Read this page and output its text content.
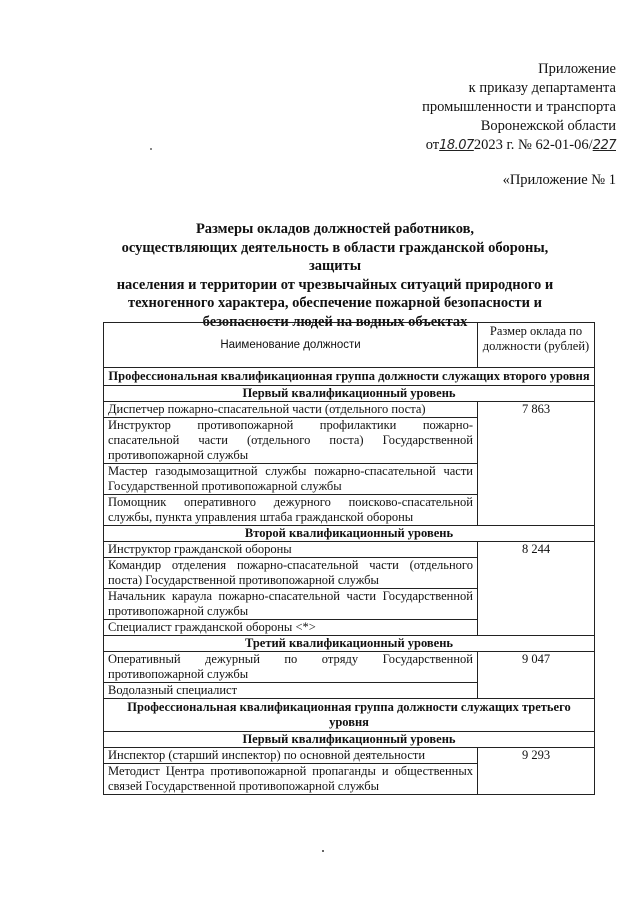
Приложение
к приказу департамента
промышленности и транспорта
Воронежской области
от18.072023 г. № 62-01-06/227
«Приложение № 1
Размеры окладов должностей работников,
осуществляющих деятельность в области гражданской обороны, защиты
населения и территории от чрезвычайных ситуаций природного и
техногенного характера, обеспечение пожарной безопасности и
безопасности людей на водных объектах
Наименование должности	Размер оклада по должности (рублей)
Профессиональная квалификационная группа должности служащих второго уровня	
Первый квалификационный уровень	
Диспетчер пожарно-спасательной части (отдельного поста)	7 863
Инструктор противопожарной профилактики пожарно-спасательной части (отдельного поста) Государственной противопожарной службы	
Мастер газодымозащитной службы пожарно-спасательной части Государственной противопожарной службы	
Помощник оперативного дежурного поисково-спасательной службы, пункта управления штаба гражданской обороны	
Второй квалификационный уровень	
Инструктор гражданской обороны	8 244
Командир отделения пожарно-спасательной части (отдельного поста) Государственной противопожарной службы	
Начальник караула пожарно-спасательной части Государственной противопожарной службы	
Специалист гражданской обороны <*>	
Третий квалификационный уровень	
Оперативный дежурный по отряду Государственной противопожарной службы	9 047
Водолазный специалист	
Профессиональная квалификационная группа должности служащих третьего уровня	
Первый квалификационный уровень	
Инспектор (старший инспектор) по основной деятельности	9 293
Методист Центра противопожарной пропаганды и общественных связей Государственной противопожарной службы	
